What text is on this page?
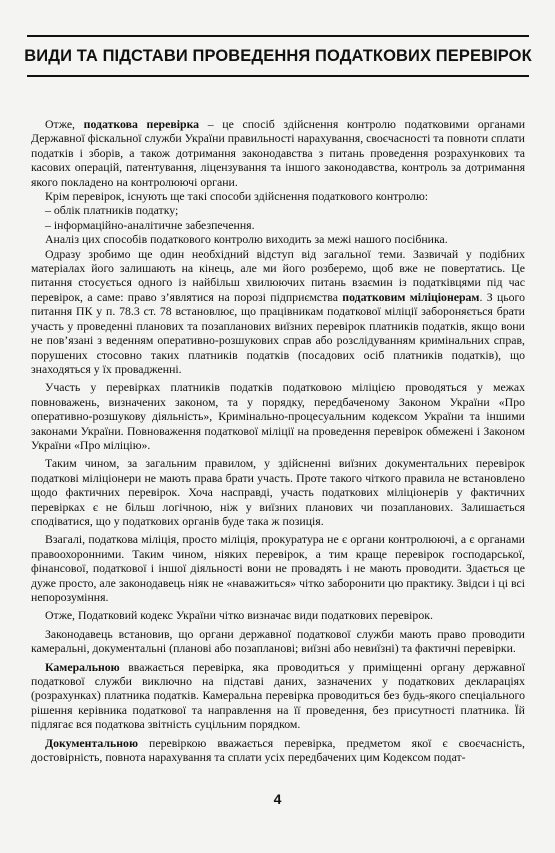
ВИДИ ТА ПІДСТАВИ ПРОВЕДЕННЯ ПОДАТКОВИХ ПЕРЕВІРОК

Отже, податкова перевірка – це спосіб здійснення контролю податковими органами Державної фіскальної служби України правильності нарахування, своєчасності та повноти сплати податків і зборів, а також дотримання законодавства з питань проведення розрахункових та касових операцій, патентування, ліцензування та іншого законодавства, контроль за дотримання якого покладено на контролюючі органи.

Крім перевірок, існують ще такі способи здійснення податкового контролю:

– облік платників податку;

– інформаційно-аналітичне забезпечення.

Аналіз цих способів податкового контролю виходить за межі нашого посібника.

Одразу зробимо ще один необхідний відступ від загальної теми. Зазвичай у подібних матеріалах його залишають на кінець, але ми його розберемо, щоб вже не повертатись. Це питання стосується одного із найбільш хвилюючих питань взаємин із податківцями під час перевірок, а саме: право з’являтися на порозі підприємства податковим міліціонерам. З цього питання ПК у п. 78.3 ст. 78 встановлює, що працівникам податкової міліції забороняється брати участь у проведенні планових та позапланових виїзних перевірок платників податків, якщо вони не пов’язані з веденням оперативно-розшукових справ або розслідуванням кримінальних справ, порушених стосовно таких платників податків (посадових осіб платників податків), що знаходяться у їх провадженні.

Участь у перевірках платників податків податковою міліцією проводяться у межах повноважень, визначених законом, та у порядку, передбаченому Законом України «Про оперативно-розшукову діяльність», Кримінально-процесуальним кодексом України та іншими законами України. Повноваження податкової міліції на проведення перевірок обмежені і Законом України «Про міліцію».

Таким чином, за загальним правилом, у здійсненні виїзних документальних перевірок податкові міліціонери не мають права брати участь. Проте такого чіткого правила не встановлено щодо фактичних перевірок. Хоча насправді, участь податкових міліціонерів у фактичних перевірках є не більш логічною, ніж у виїзних планових чи позапланових. Залишається сподіватися, що у податкових органів буде така ж позиція.

Взагалі, податкова міліція, просто міліція, прокуратура не є органи контролюючі, а є органами правоохоронними. Таким чином, ніяких перевірок, а тим краще перевірок господарської, фінансової, податкової і іншої діяльності вони не провадять і не мають проводити. Здається це дуже просто, але законодавець ніяк не «наважиться» чітко заборонити цю практику. Звідси і ці всі непорозуміння.

Отже, Податковий кодекс України чітко визначає види податкових перевірок.

Законодавець встановив, що органи державної податкової служби мають право проводити камеральні, документальні (планові або позапланові; виїзні або невиїзні) та фактичні перевірки.

Камеральною вважається перевірка, яка проводиться у приміщенні органу державної податкової служби виключно на підставі даних, зазначених у податкових деклараціях (розрахунках) платника податків. Камеральна перевірка проводиться без будь-якого спеціального рішення керівника податкової та направлення на її проведення, без присутності платника. Їй підлягає вся податкова звітність суцільним порядком.

Документальною перевіркою вважається перевірка, предметом якої є своєчасність, достовірність, повнота нарахування та сплати усіх передбачених цим Кодексом подат-

4
